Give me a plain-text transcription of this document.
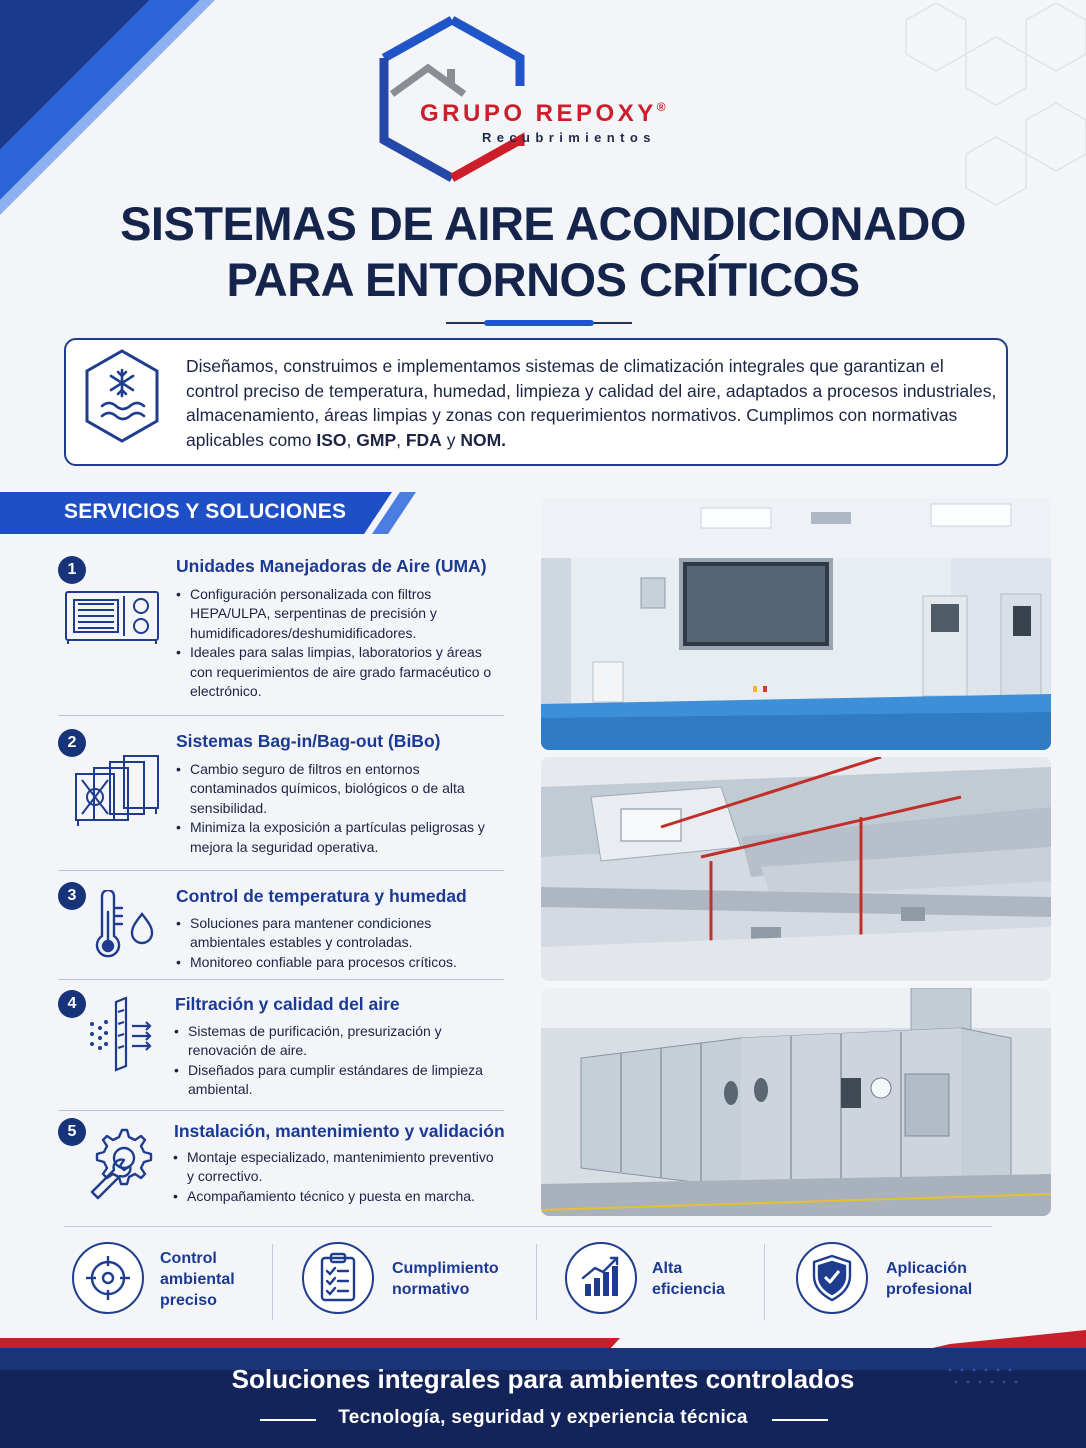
GRUPO REPOXY®
Recubrimientos
SISTEMAS DE AIRE ACONDICIONADO
PARA ENTORNOS CRÍTICOS
Diseñamos, construimos e implementamos sistemas de climatización integrales que garantizan el control preciso de temperatura, humedad, limpieza y calidad del aire, adaptados a procesos industriales, almacenamiento, áreas limpias y zonas con requerimientos normativos. Cumplimos con normativas aplicables como ISO, GMP, FDA y NOM.
SERVICIOS Y SOLUCIONES
1	Unidades Manejadoras de Aire (UMA)
• Configuración personalizada con filtros HEPA/ULPA, serpentinas de precisión y humidificadores/deshumidificadores.
• Ideales para salas limpias, laboratorios y áreas con requerimientos de aire grado farmacéutico o electrónico.
2	Sistemas Bag-in/Bag-out (BiBo)
• Cambio seguro de filtros en entornos contaminados químicos, biológicos o de alta sensibilidad.
• Minimiza la exposición a partículas peligrosas y mejora la seguridad operativa.
3	Control de temperatura y humedad
• Soluciones para mantener condiciones ambientales estables y controladas.
• Monitoreo confiable para procesos críticos.
4	Filtración y calidad del aire
• Sistemas de purificación, presurización y renovación de aire.
• Diseñados para cumplir estándares de limpieza ambiental.
5	Instalación, mantenimiento y validación
• Montaje especializado, mantenimiento preventivo y correctivo.
• Acompañamiento técnico y puesta en marcha.
Control
ambiental
preciso
Cumplimiento
normativo
Alta
eficiencia
Aplicación
profesional
Soluciones integrales para ambientes controlados
Tecnología, seguridad y experiencia técnica
